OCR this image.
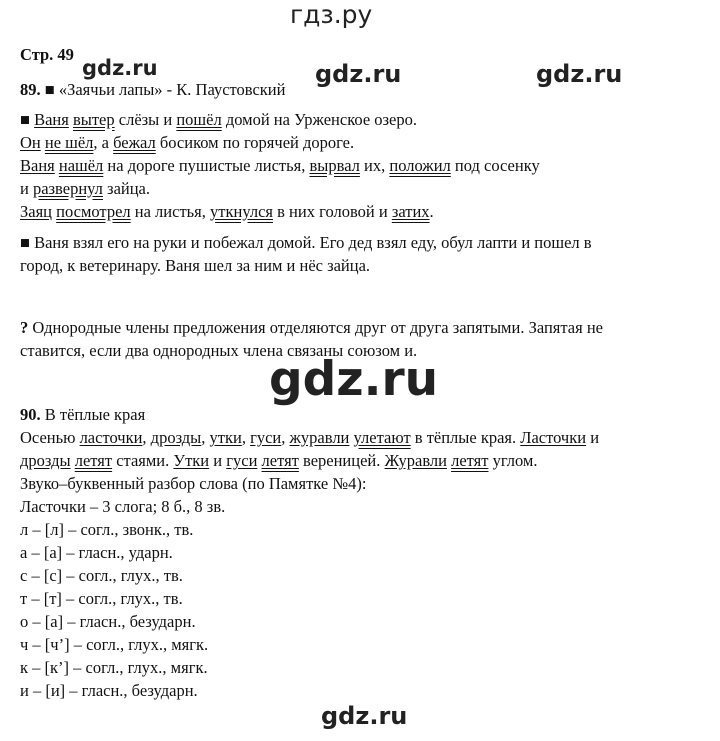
гдз.ру
gdz.ru	gdz.ru	gdz.ru
gdz.ru
gdz.ru
Стр. 49
89. ■ «Заячьи лапы» - К. Паустовский
■ Ваня вытер слёзы и пошёл домой на Урженское озеро.
Он не шёл, а бежал босиком по горячей дороге.
Ваня нашёл на дороге пушистые листья, вырвал их, положил под сосенку
и развернул зайца.
Заяц посмотрел на листья, уткнулся в них головой и затих.
■ Ваня взял его на руки и побежал домой. Его дед взял еду, обул лапти и пошел в
город, к ветеринару. Ваня шел за ним и нёс зайца.
? Однородные члены предложения отделяются друг от друга запятыми. Запятая не
ставится, если два однородных члена связаны союзом и.
90. В тёплые края
Осенью ласточки, дрозды, утки, гуси, журавли улетают в тёплые края. Ласточки и
дрозды летят стаями. Утки и гуси летят вереницей. Журавли летят углом.
Звуко–буквенный разбор слова (по Памятке №4):
Ласточки – 3 слога; 8 б., 8 зв.
л – [л] – согл., звонк., тв.
а – [а] – гласн., ударн.
с – [с] – согл., глух., тв.
т – [т] – согл., глух., тв.
о – [а] – гласн., безударн.
ч – [ч’] – согл., глух., мягк.
к – [к’] – согл., глух., мягк.
и – [и] – гласн., безударн.
